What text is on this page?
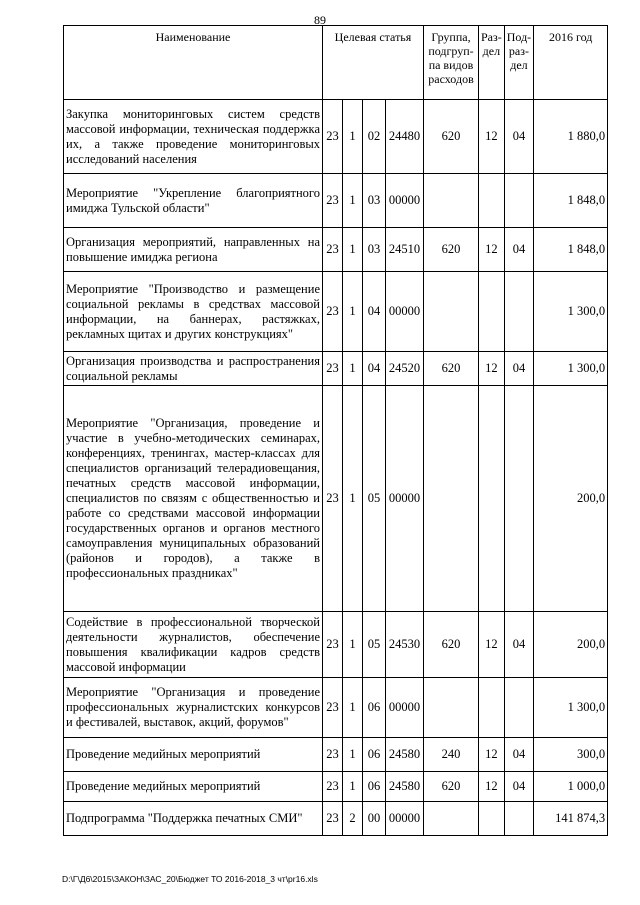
89
Наименование	Целевая статья				Группа, подгруп-па видов расходов	Раз-дел	Под-раз-дел	2016 год
Закупка мониторинговых систем средств массовой информации, техническая поддержка их, а также проведение мониторинговых исследований населения	23	1	02	24480	620	12	04	1 880,0
Мероприятие "Укрепление благоприятного имиджа Тульской области"	23	1	03	00000				1 848,0
Организация мероприятий, направленных на повышение имиджа региона	23	1	03	24510	620	12	04	1 848,0
Мероприятие "Производство и размещение социальной рекламы в средствах массовой информации, на баннерах, растяжках, рекламных щитах и других конструкциях"	23	1	04	00000				1 300,0
Организация производства и распространения социальной рекламы	23	1	04	24520	620	12	04	1 300,0
Мероприятие "Организация, проведение и участие в учебно-методических семинарах, конференциях, тренингах, мастер-классах для специалистов организаций телерадиовещания, печатных средств массовой информации, специалистов по связям с общественностью и работе со средствами массовой информации государственных органов и органов местного самоуправления муниципальных образований (районов и городов), а также в профессиональных праздниках"	23	1	05	00000				200,0
Содействие в профессиональной творческой деятельности журналистов, обеспечение повышения квалификации кадров средств массовой информации	23	1	05	24530	620	12	04	200,0
Мероприятие "Организация и проведение профессиональных журналистских конкурсов и фестивалей, выставок, акций, форумов"	23	1	06	00000				1 300,0
Проведение медийных мероприятий	23	1	06	24580	240	12	04	300,0
Проведение медийных мероприятий	23	1	06	24580	620	12	04	1 000,0
Подпрограмма "Поддержка печатных СМИ"	23	2	00	00000				141 874,3
D:\Г\Д6\2015\ЗАКОН\ЗАС_20\Бюджет ТО 2016-2018_3 чт\pr16.xls
